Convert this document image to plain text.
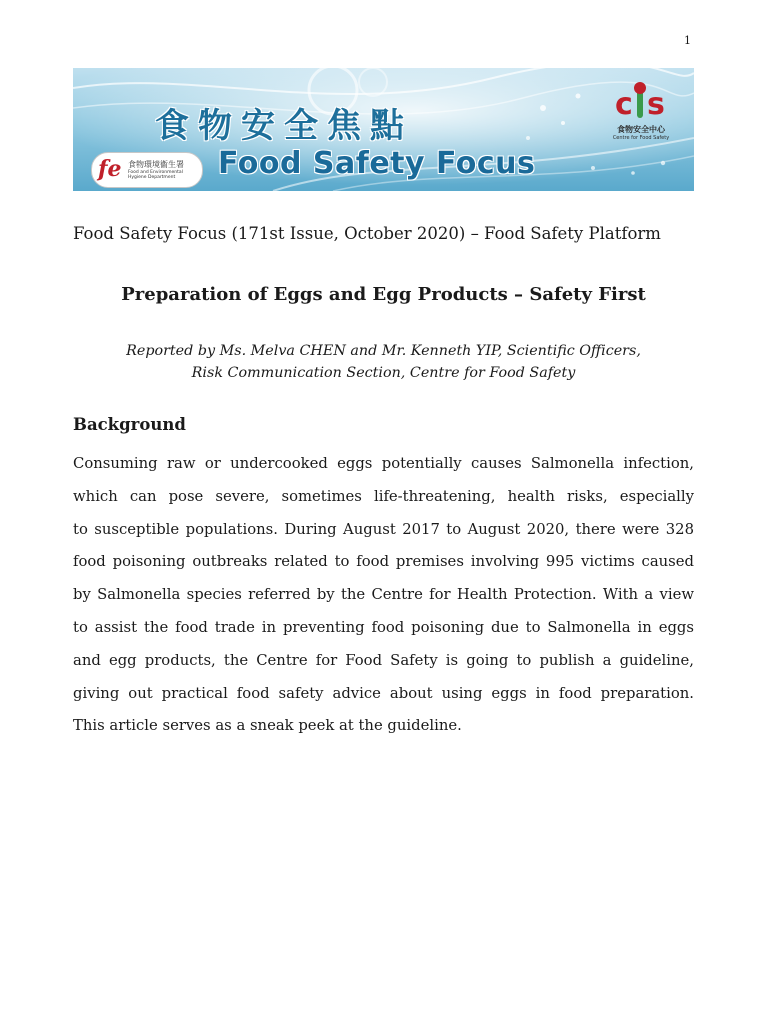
1
食物安全焦點
Food Safety Focus
fe 食物環境衞生署
Food and Environmental Hygiene Department
c s
食物安全中心
Centre for Food Safety
Food Safety Focus (171st Issue, October 2020) – Food Safety Platform
Preparation of Eggs and Egg Products – Safety First
Reported by Ms. Melva CHEN and Mr. Kenneth YIP, Scientific Officers,
Risk Communication Section, Centre for Food Safety
Background
Consuming raw or undercooked eggs potentially causes Salmonella infection,
which can pose severe, sometimes life-threatening, health risks, especially
to susceptible populations. During August 2017 to August 2020, there were 328
food poisoning outbreaks related to food premises involving 995 victims caused
by Salmonella species referred by the Centre for Health Protection. With a view
to assist the food trade in preventing food poisoning due to Salmonella in eggs
and egg products, the Centre for Food Safety is going to publish a guideline,
giving out practical food safety advice about using eggs in food preparation.
This article serves as a sneak peek at the guideline.
